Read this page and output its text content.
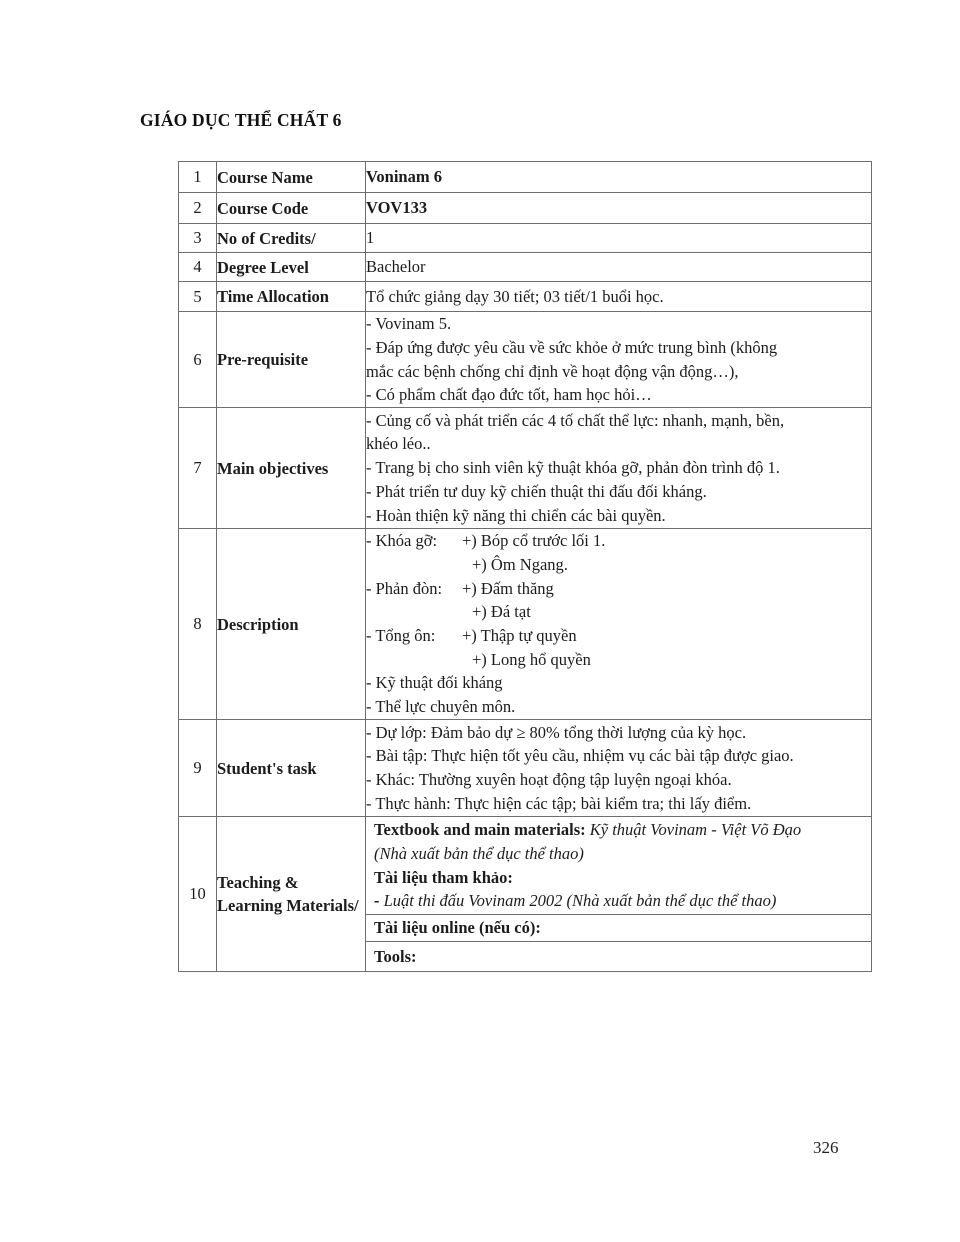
GIÁO DỤC THỂ CHẤT 6
1	Course Name	Voninam 6

2	Course Code	VOV133

3	No of Credits/	1

4	Degree Level	Bachelor

5	Time Allocation	Tổ chức giảng dạy 30 tiết; 03 tiết/1 buổi học.

6	Pre-requisite	- Vovinam 5.
- Đáp ứng được yêu cầu về sức khỏe ở mức trung bình (không
mắc các bệnh chống chỉ định về hoạt động vận động…),
- Có phẩm chất đạo đức tốt, ham học hỏi…

7	Main objectives	- Củng cố và phát triển các 4 tố chất thể lực: nhanh, mạnh, bền,
khéo léo..
- Trang bị cho sinh viên kỹ thuật khóa gỡ, phản đòn trình độ 1.
- Phát triển tư duy kỹ chiến thuật thi đấu đối kháng.
- Hoàn thiện kỹ năng thi chiển các bài quyền.

8	Description	
- Khóa gỡ: +) Bóp cổ trước lối 1.
+) Ôm Ngang.
- Phản đòn: +) Đấm thăng
+) Đá tạt
- Tổng ôn: +) Thập tự quyền
+) Long hổ quyền
- Kỹ thuật đối kháng
- Thể lực chuyên môn.

9	Student's task	- Dự lớp: Đảm bảo dự ≥ 80% tổng thời lượng của kỳ học.
- Bài tập: Thực hiện tốt yêu cầu, nhiệm vụ các bài tập được giao.
- Khác: Thường xuyên hoạt động tập luyện ngoại khóa.
- Thực hành: Thực hiện các tập; bài kiểm tra; thi lấy điểm.

10	Teaching & Learning Materials/	
Textbook and main materials: Kỹ thuật Vovinam - Việt Võ Đạo
(Nhà xuất bản thể dục thể thao)
Tài liệu tham khảo:
- Luật thi đấu Vovinam 2002 (Nhà xuất bản thể dục thể thao)
Tài liệu online (nếu có):
Tools:
326
